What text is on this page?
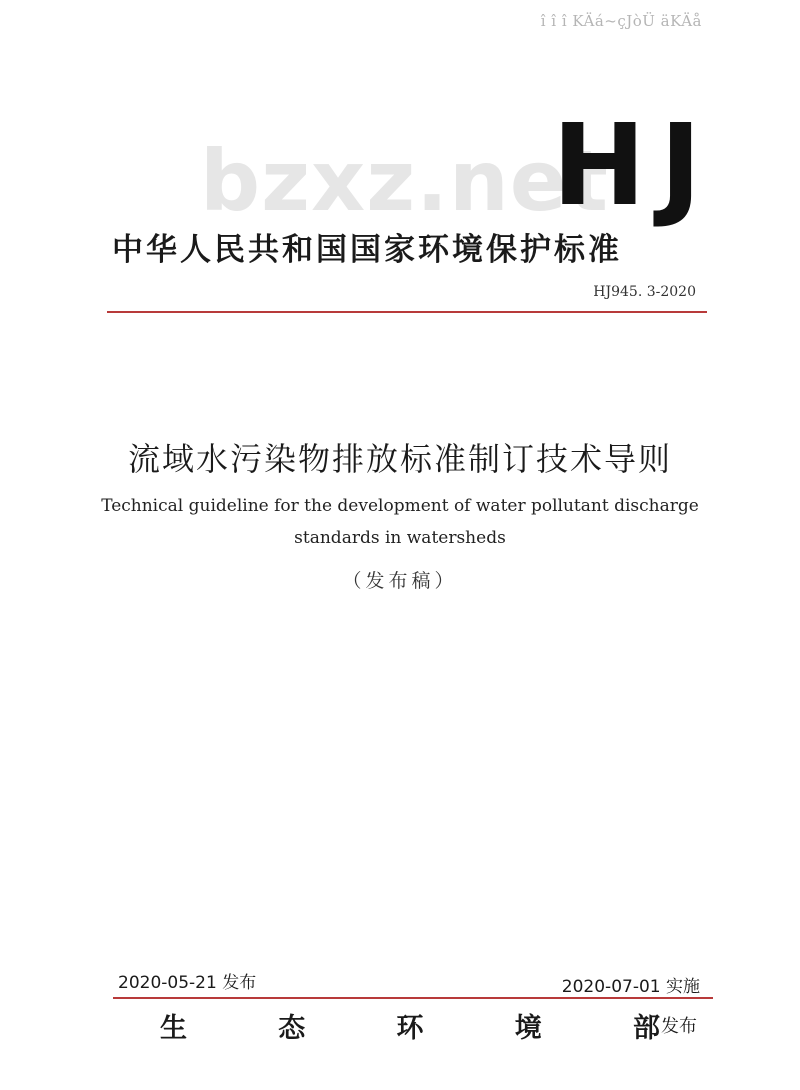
î î î KÄá~çJòÜ äKÄå
bzxz.net
HJ
中华人民共和国国家环境保护标准
HJ945. 3-2020
流域水污染物排放标准制订技术导则
Technical guideline for the development of water pollutant discharge standards in watersheds
（发布稿）
2020-05-21 发布	2020-07-01 实施
生	态	环	境	部 发布
